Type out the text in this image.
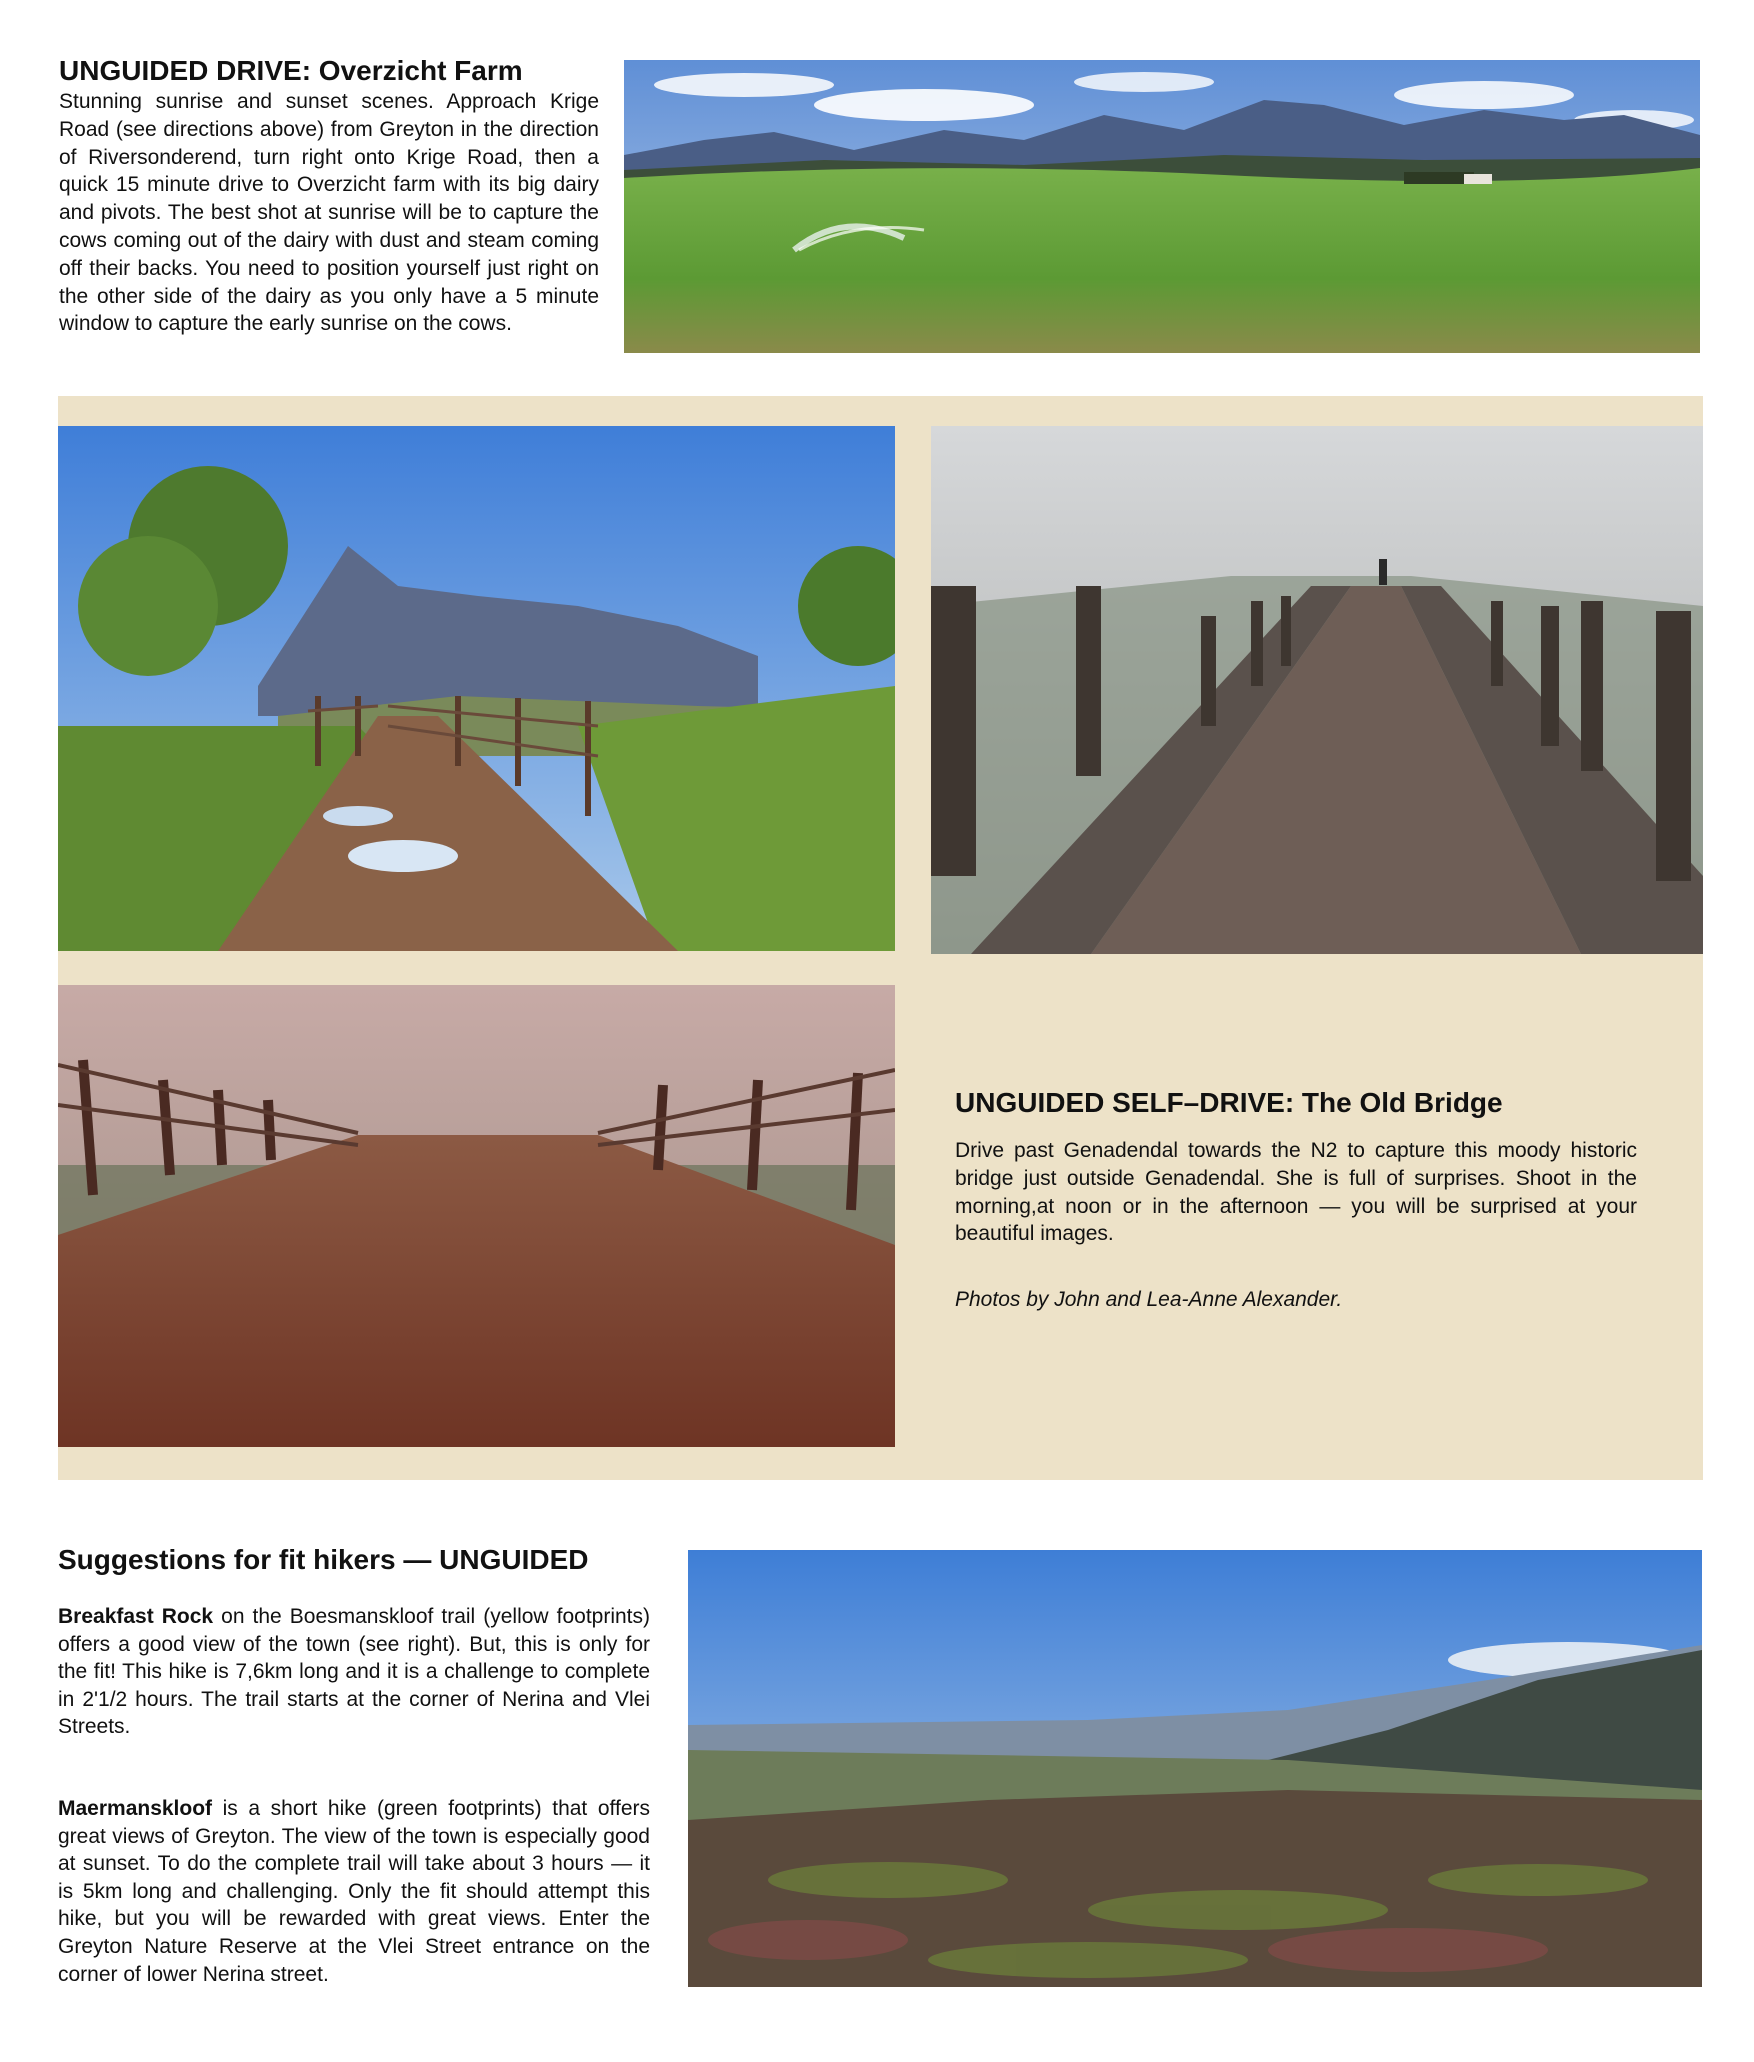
UNGUIDED DRIVE: Overzicht Farm

Stunning sunrise and sunset scenes. Approach Krige Road (see directions above) from Greyton in the direction of Riversonderend, turn right onto Krige Road, then a quick 15 minute drive to Overzicht farm with its big dairy and pivots. The best shot at sunrise will be to capture the cows coming out of the dairy with dust and steam coming off their backs. You need to position yourself just right on the other side of the dairy as you only have a 5 minute window to capture the early sunrise on the cows.

UNGUIDED SELF–DRIVE: The Old Bridge

Drive past Genadendal towards the N2 to capture this moody historic bridge just outside Genadendal. She is full of surprises. Shoot in the morning,at noon or in the afternoon — you will be surprised at your beautiful images.

Photos by John and Lea-Anne Alexander.

Suggestions for fit hikers — UNGUIDED

Breakfast Rock on the Boesmanskloof trail (yellow footprints) offers a good view of the town (see right). But, this is only for the fit! This hike is 7,6km long and it is a challenge to complete in 2'1/2 hours. The trail starts at the corner of Nerina and Vlei Streets.

Maermanskloof is a short hike (green footprints) that offers great views of Greyton. The view of the town is especially good at sunset. To do the complete trail will take about 3 hours — it is 5km long and challenging. Only the fit should attempt this hike, but you will be rewarded with great views. Enter the Greyton Nature Reserve at the Vlei Street entrance on the corner of lower Nerina street.
